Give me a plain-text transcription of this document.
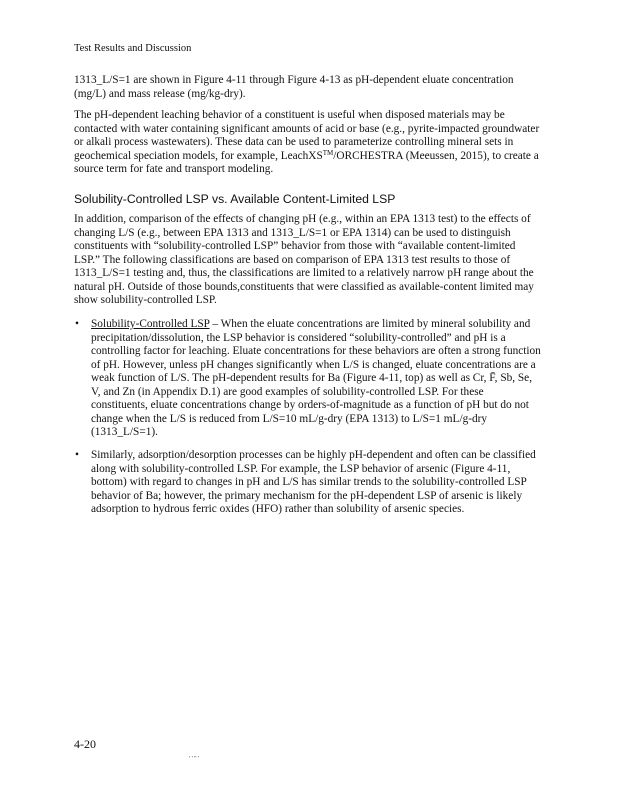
Test Results and Discussion

1313_L/S=1 are shown in Figure 4-11 through Figure 4-13 as pH-dependent eluate concentration (mg/L) and mass release (mg/kg-dry).

The pH-dependent leaching behavior of a constituent is useful when disposed materials may be contacted with water containing significant amounts of acid or base (e.g., pyrite-impacted groundwater or alkali process wastewaters). These data can be used to parameterize controlling mineral sets in geochemical speciation models, for example, LeachXS™/ORCHESTRA (Meeussen, 2015), to create a source term for fate and transport modeling.

Solubility-Controlled LSP vs. Available Content-Limited LSP

In addition, comparison of the effects of changing pH (e.g., within an EPA 1313 test) to the effects of changing L/S (e.g., between EPA 1313 and 1313_L/S=1 or EPA 1314) can be used to distinguish constituents with “solubility-controlled LSP” behavior from those with “available content-limited LSP.” The following classifications are based on comparison of EPA 1313 test results to those of 1313_L/S=1 testing and, thus, the classifications are limited to a relatively narrow pH range about the natural pH. Outside of those bounds,constituents that were classified as available-content limited may show solubility-controlled LSP.

• Solubility-Controlled LSP – When the eluate concentrations are limited by mineral solubility and precipitation/dissolution, the LSP behavior is considered “solubility-controlled” and pH is a controlling factor for leaching. Eluate concentrations for these behaviors are often a strong function of pH. However, unless pH changes significantly when L/S is changed, eluate concentrations are a weak function of L/S. The pH-dependent results for Ba (Figure 4-11, top) as well as Cr, F̄, Sb, Se, V, and Zn (in Appendix D.1) are good examples of solubility-controlled LSP. For these constituents, eluate concentrations change by orders-of-magnitude as a function of pH but do not change when the L/S is reduced from L/S=10 mL/g-dry (EPA 1313) to L/S=1 mL/g-dry (1313_L/S=1).
• Similarly, adsorption/desorption processes can be highly pH-dependent and often can be classified along with solubility-controlled LSP. For example, the LSP behavior of arsenic (Figure 4-11, bottom) with regard to changes in pH and L/S has similar trends to the solubility-controlled LSP behavior of Ba; however, the primary mechanism for the pH-dependent LSP of arsenic is likely adsorption to hydrous ferric oxides (HFO) rather than solubility of arsenic species.
4-20
' ' " '
